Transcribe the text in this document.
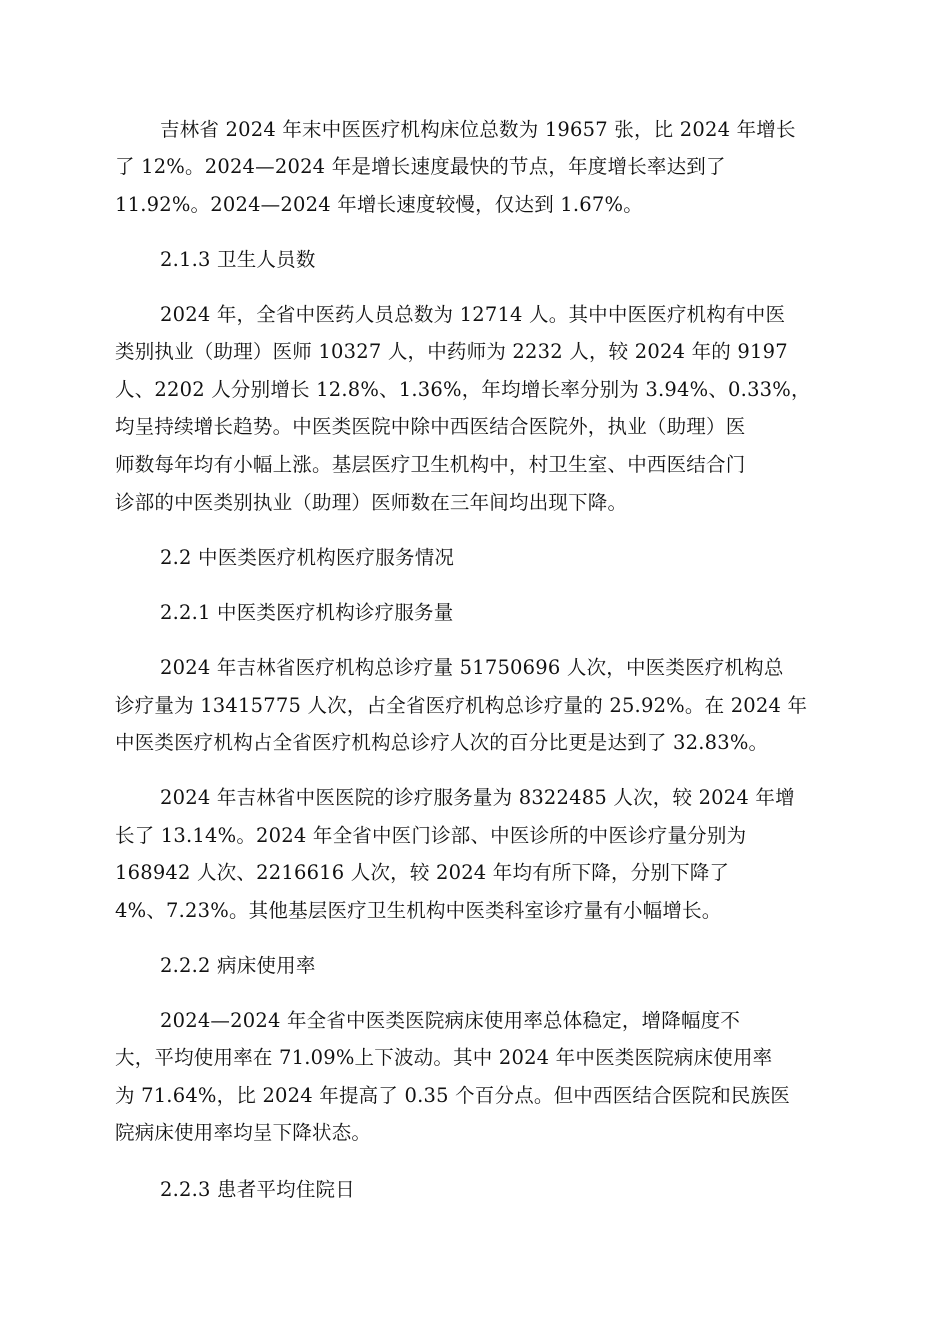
吉林省 2024 年末中医医疗机构床位总数为 19657 张，比 2024 年增长
了 12%。2024—2024 年是增长速度最快的节点，年度增长率达到了
11.92%。2024—2024 年增长速度较慢，仅达到 1.67%。
2.1.3 卫生人员数
2024 年，全省中医药人员总数为 12714 人。其中中医医疗机构有中医
类别执业（助理）医师 10327 人，中药师为 2232 人，较 2024 年的 9197
人、2202 人分别增长 12.8%、1.36%，年均增长率分别为 3.94%、0.33%，
均呈持续增长趋势。中医类医院中除中西医结合医院外，执业（助理）医
师数每年均有小幅上涨。基层医疗卫生机构中，村卫生室、中西医结合门
诊部的中医类别执业（助理）医师数在三年间均出现下降。
2.2 中医类医疗机构医疗服务情况
2.2.1 中医类医疗机构诊疗服务量
2024 年吉林省医疗机构总诊疗量 51750696 人次，中医类医疗机构总
诊疗量为 13415775 人次，占全省医疗机构总诊疗量的 25.92%。在 2024 年
中医类医疗机构占全省医疗机构总诊疗人次的百分比更是达到了 32.83%。
2024 年吉林省中医医院的诊疗服务量为 8322485 人次，较 2024 年增
长了 13.14%。2024 年全省中医门诊部、中医诊所的中医诊疗量分别为
168942 人次、2216616 人次，较 2024 年均有所下降，分别下降了
4%、7.23%。其他基层医疗卫生机构中医类科室诊疗量有小幅增长。
2.2.2 病床使用率
2024—2024 年全省中医类医院病床使用率总体稳定，增降幅度不
大，平均使用率在 71.09%上下波动。其中 2024 年中医类医院病床使用率
为 71.64%，比 2024 年提高了 0.35 个百分点。但中西医结合医院和民族医
院病床使用率均呈下降状态。
2.2.3 患者平均住院日
